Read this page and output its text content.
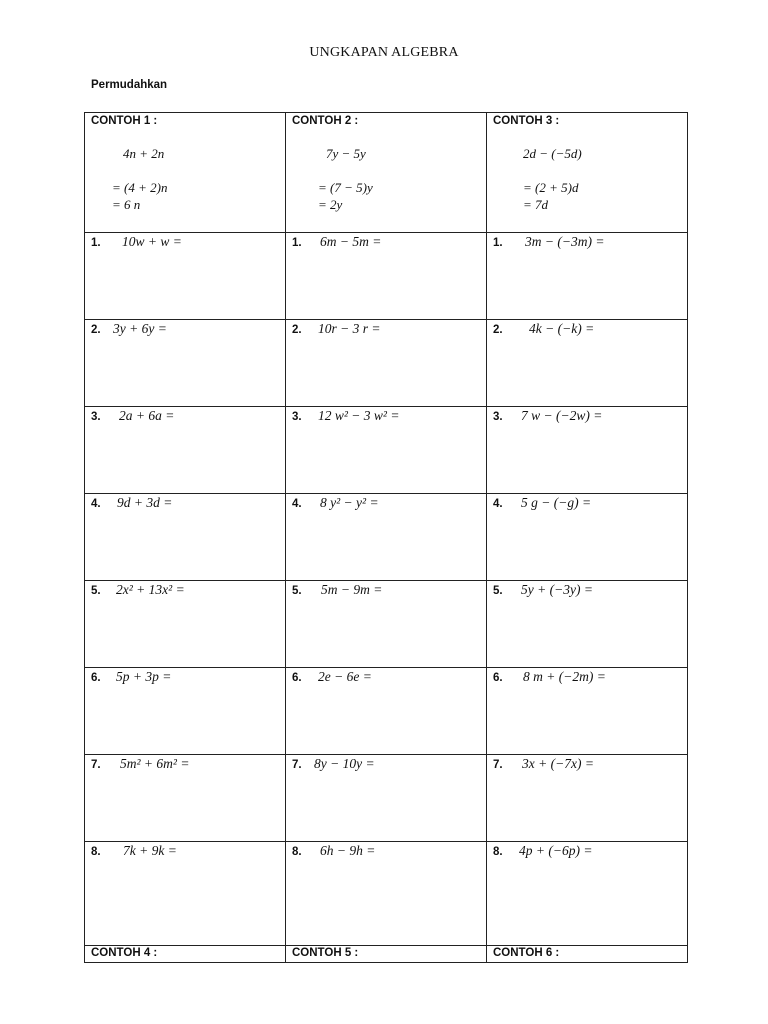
UNGKAPAN ALGEBRA
Permudahkan
CONTOH 1 :
4n + 2n
= (4 + 2)n
= 6 n	CONTOH 2 :
7y − 5y
= (7 − 5)y
= 2y	CONTOH 3 :
2d − (−5d)
= (2 + 5)d
= 7d

1. 10w + w =	1. 6m − 5m =	1. 3m − (−3m) =

2. 3y + 6y =	2. 10r − 3 r =	2. 4k − (−k) =

3. 2a + 6a =	3. 12 w² − 3 w² =	3. 7 w − (−2w) =

4. 9d + 3d =	4. 8 y² − y² =	4. 5 g − (−g) =

5. 2x² + 13x² =	5. 5m − 9m =	5. 5y + (−3y) =

6. 5p + 3p =	6. 2e − 6e =	6. 8 m + (−2m) =

7. 5m² + 6m² =	7. 8y − 10y =	7. 3x + (−7x) =

8. 7k + 9k =	8. 6h − 9h =	8. 4p + (−6p) =

CONTOH 4 :	CONTOH 5 :	CONTOH 6 :
